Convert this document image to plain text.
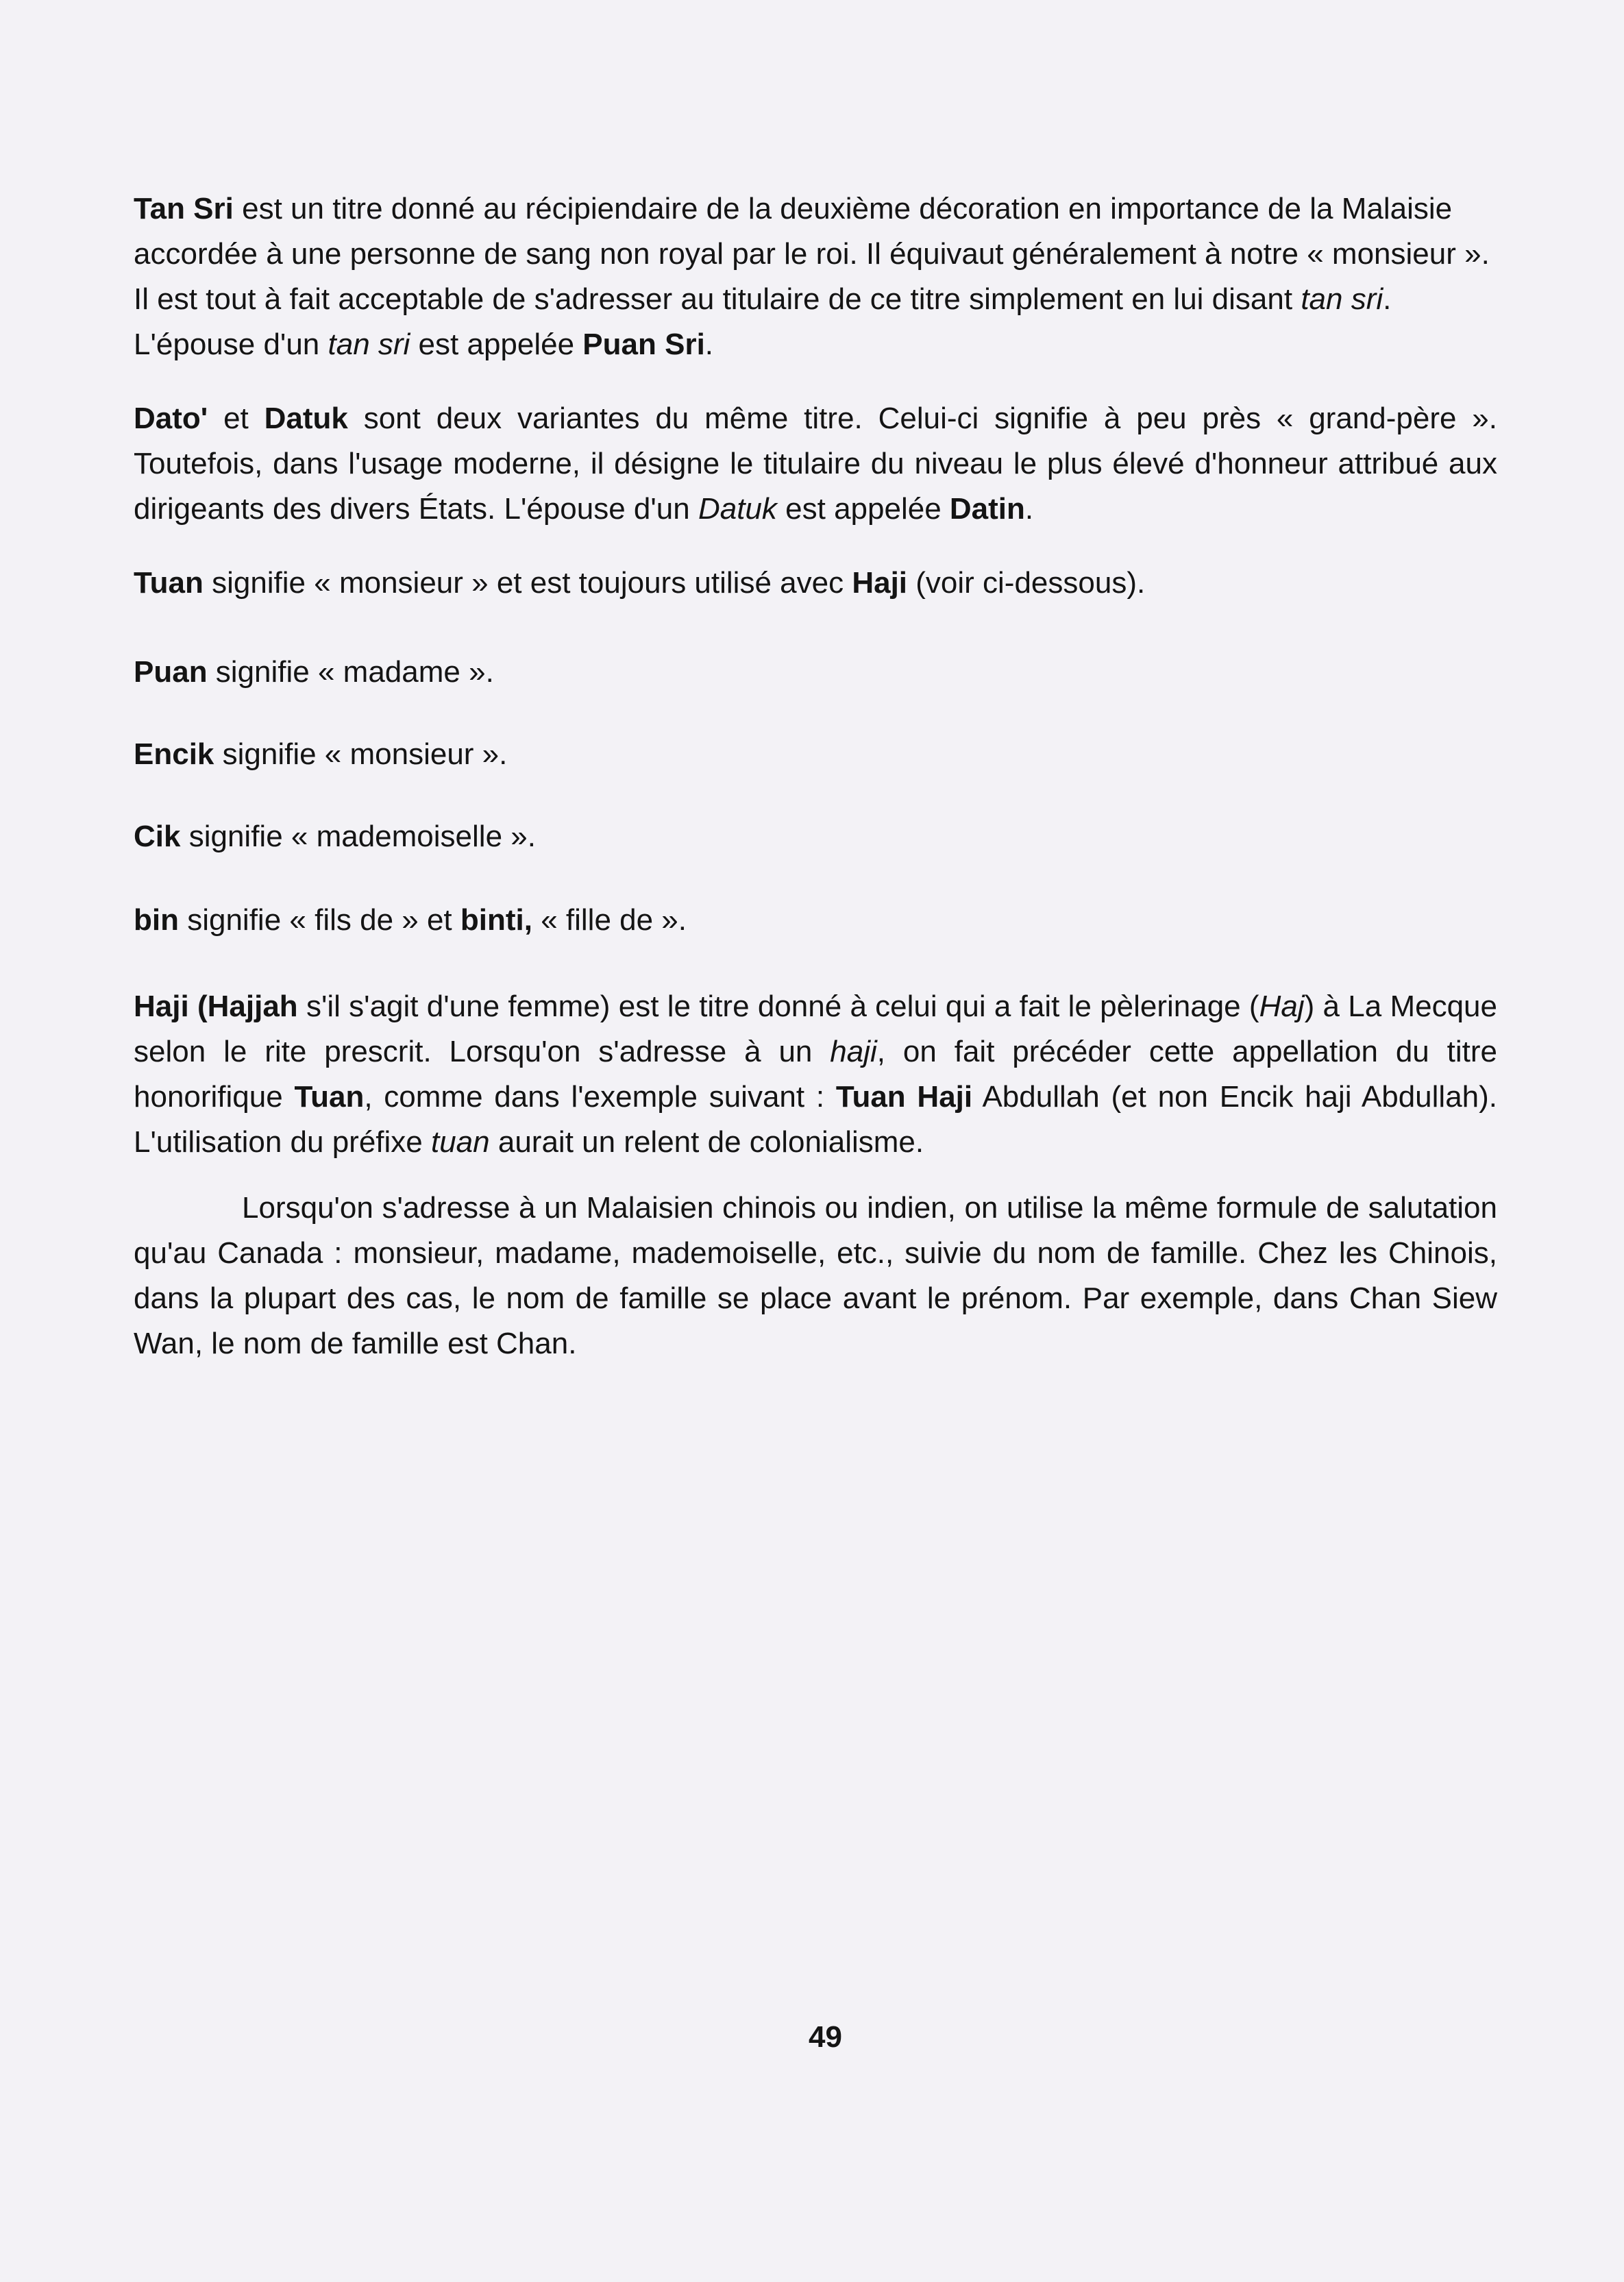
Tan Sri est un titre donné au récipiendaire de la deuxième décoration en importance de la Malaisie accordée à une personne de sang non royal par le roi. Il équivaut généralement à notre « monsieur ». Il est tout à fait acceptable de s'adresser au titulaire de ce titre simplement en lui disant tan sri. L'épouse d'un tan sri est appelée Puan Sri.

Dato' et Datuk sont deux variantes du même titre. Celui-ci signifie à peu près « grand-père ». Toutefois, dans l'usage moderne, il désigne le titulaire du niveau le plus élevé d'honneur attribué aux dirigeants des divers États. L'épouse d'un Datuk est appelée Datin.

Tuan signifie « monsieur » et est toujours utilisé avec Haji (voir ci-dessous).

Puan signifie « madame ».

Encik signifie « monsieur ».

Cik signifie « mademoiselle ».

bin signifie « fils de » et binti, « fille de ».

Haji (Hajjah s'il s'agit d'une femme) est le titre donné à celui qui a fait le pèlerinage (Haj) à La Mecque selon le rite prescrit. Lorsqu'on s'adresse à un haji, on fait précéder cette appellation du titre honorifique Tuan, comme dans l'exemple suivant : Tuan Haji Abdullah (et non Encik haji Abdullah). L'utilisation du préfixe tuan aurait un relent de colonialisme.

Lorsqu'on s'adresse à un Malaisien chinois ou indien, on utilise la même formule de salutation qu'au Canada : monsieur, madame, mademoiselle, etc., suivie du nom de famille. Chez les Chinois, dans la plupart des cas, le nom de famille se place avant le prénom. Par exemple, dans Chan Siew Wan, le nom de famille est Chan.

49
